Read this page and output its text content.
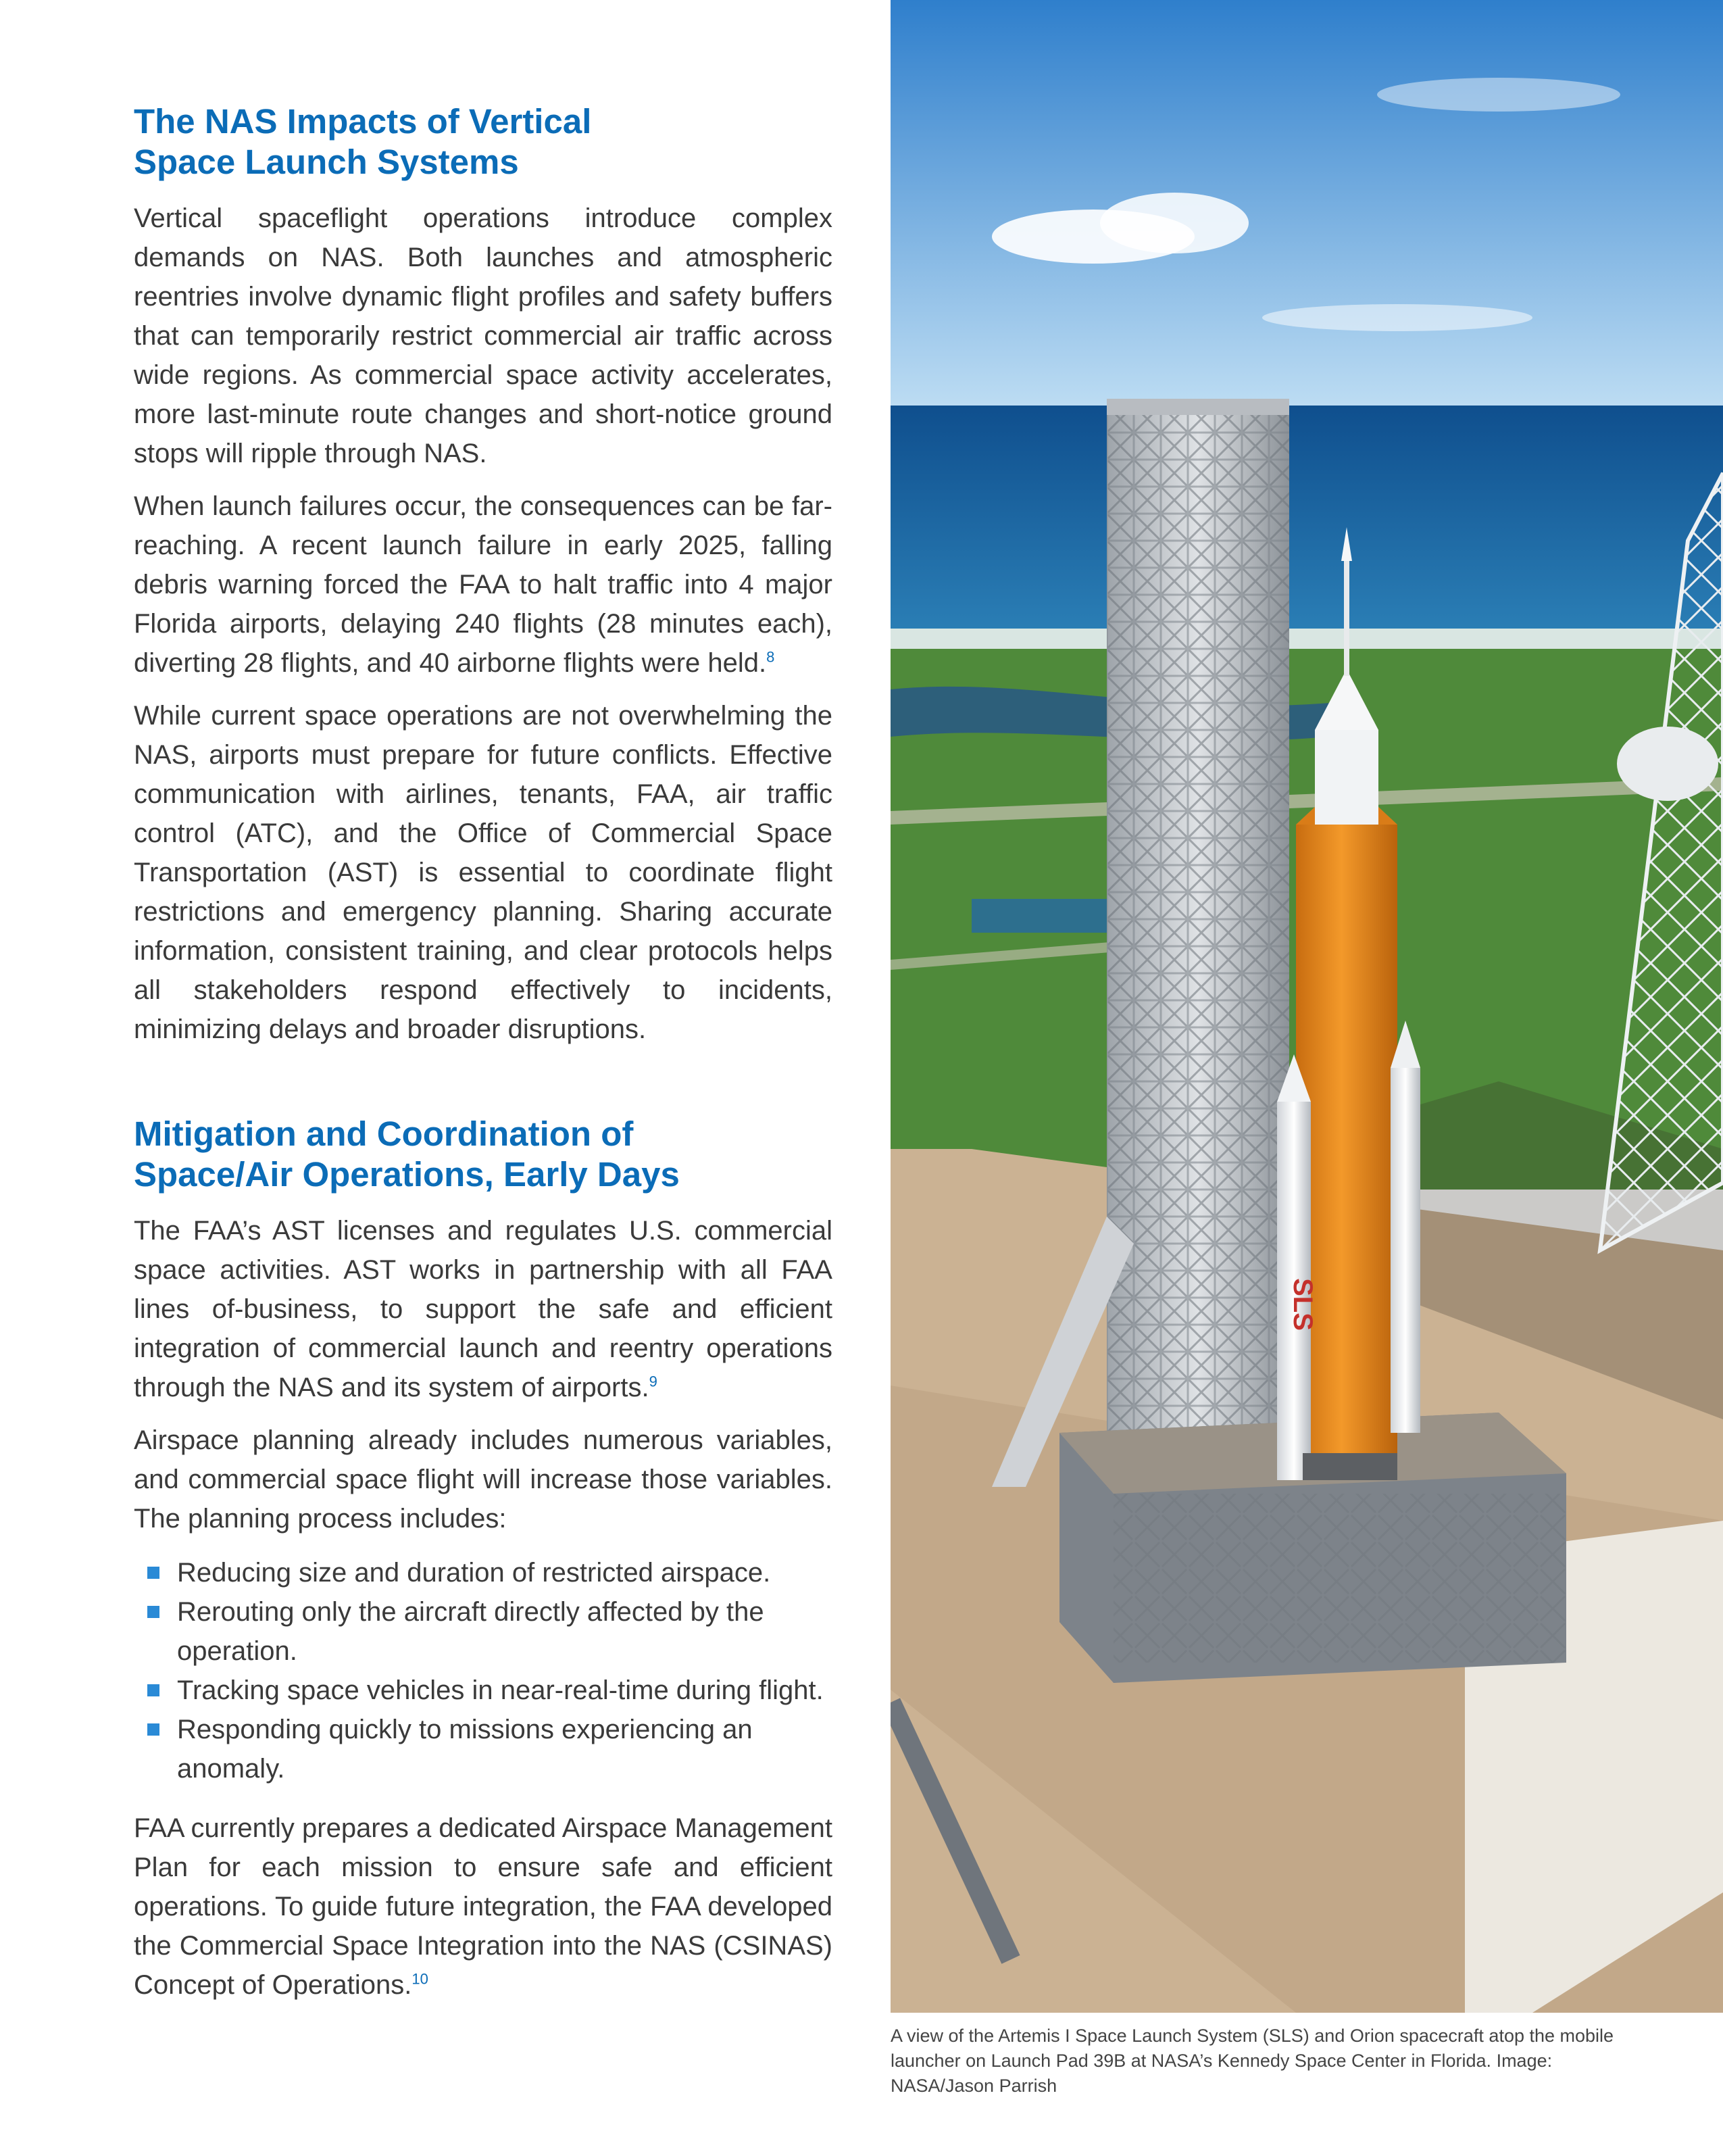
The NAS Impacts of Vertical
Space Launch Systems

Vertical spaceflight operations introduce complex demands on NAS. Both launches and atmospheric reentries involve dynamic flight profiles and safety buffers that can temporarily restrict commercial air traffic across wide regions. As commercial space activity accelerates, more last-minute route changes and short-notice ground stops will ripple through NAS.

When launch failures occur, the consequences can be far-reaching. A recent launch failure in early 2025, falling debris warning forced the FAA to halt traffic into 4 major Florida airports, delaying 240 flights (28 minutes each), diverting 28 flights, and 40 airborne flights were held.$^8$

While current space operations are not overwhelming the NAS, airports must prepare for future conflicts. Effective communication with airlines, tenants, FAA, air traffic control (ATC), and the Office of Commercial Space Transportation (AST) is essential to coordinate flight restrictions and emergency planning. Sharing accurate information, consistent training, and clear protocols helps all stakeholders respond effectively to incidents, minimizing delays and broader disruptions.

Mitigation and Coordination of
Space/Air Operations, Early Days

The FAA’s AST licenses and regulates U.S. commercial space activities. AST works in partnership with all FAA lines of-business, to support the safe and efficient integration of commercial launch and reentry operations through the NAS and its system of airports.$^9$

Airspace planning already includes numerous variables, and commercial space flight will increase those variables. The planning process includes:

Reducing size and duration of restricted airspace.
Rerouting only the aircraft directly affected by the operation.
Tracking space vehicles in near-real-time during flight.
Responding quickly to missions experiencing an anomaly.

FAA currently prepares a dedicated Airspace Management Plan for each mission to ensure safe and efficient operations. To guide future integration, the FAA developed the Commercial Space Integration into the NAS (CSINAS) Concept of Operations.$^{10}$

SLS
A view of the Artemis I Space Launch System (SLS) and Orion spacecraft atop the mobile launcher on Launch Pad 39B at NASA’s Kennedy Space Center in Florida. Image: NASA/Jason Parrish
